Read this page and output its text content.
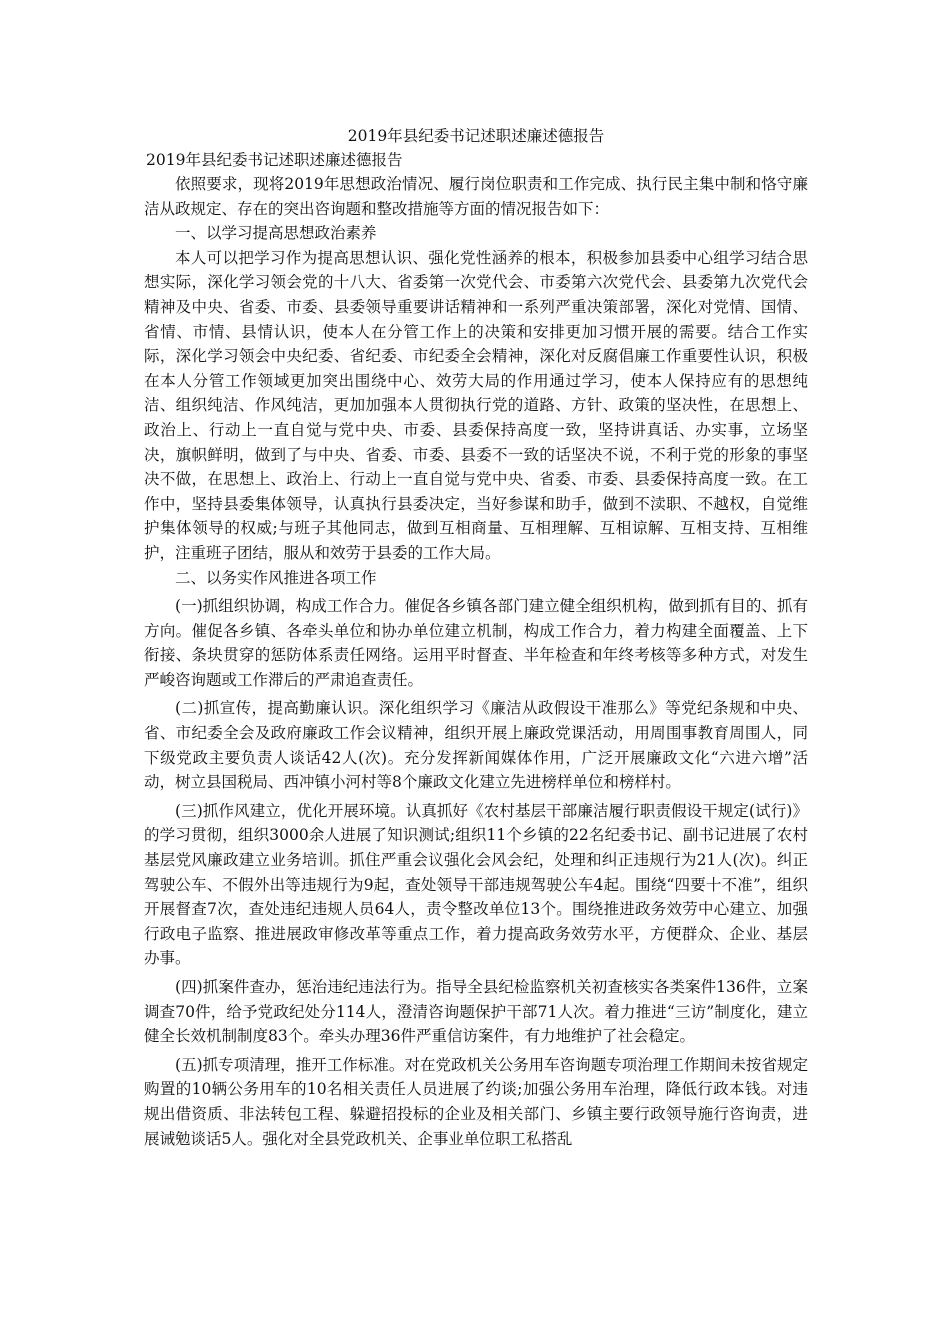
2019年县纪委书记述职述廉述德报告
2019年县纪委书记述职述廉述德报告

依照要求，现将2019年思想政治情况、履行岗位职责和工作完成、执行民主集中制和恪守廉洁从政规定、存在的突出咨询题和整改措施等方面的情况报告如下：

一、以学习提高思想政治素养

本人可以把学习作为提高思想认识、强化党性涵养的根本，积极参加县委中心组学习结合思想实际，深化学习领会党的十八大、省委第一次党代会、市委第六次党代会、县委第九次党代会精神及中央、省委、市委、县委领导重要讲话精神和一系列严重决策部署，深化对党情、国情、省情、市情、县情认识，使本人在分管工作上的决策和安排更加习惯开展的需要。结合工作实际，深化学习领会中央纪委、省纪委、市纪委全会精神，深化对反腐倡廉工作重要性认识，积极在本人分管工作领域更加突出围绕中心、效劳大局的作用通过学习，使本人保持应有的思想纯洁、组织纯洁、作风纯洁，更加加强本人贯彻执行党的道路、方针、政策的坚决性，在思想上、政治上、行动上一直自觉与党中央、市委、县委保持高度一致，坚持讲真话、办实事，立场坚决，旗帜鲜明，做到了与中央、省委、市委、县委不一致的话坚决不说，不利于党的形象的事坚决不做，在思想上、政治上、行动上一直自觉与党中央、省委、市委、县委保持高度一致。在工作中，坚持县委集体领导，认真执行县委决定，当好参谋和助手，做到不渎职、不越权，自觉维护集体领导的权威;与班子其他同志，做到互相商量、互相理解、互相谅解、互相支持、互相维护，注重班子团结，服从和效劳于县委的工作大局。

二、以务实作风推进各项工作

(一)抓组织协调，构成工作合力。催促各乡镇各部门建立健全组织机构，做到抓有目的、抓有方向。催促各乡镇、各牵头单位和协办单位建立机制，构成工作合力，着力构建全面覆盖、上下衔接、条块贯穿的惩防体系责任网络。运用平时督查、半年检查和年终考核等多种方式，对发生严峻咨询题或工作滞后的严肃追查责任。

(二)抓宣传，提高勤廉认识。深化组织学习《廉洁从政假设干准那么》等党纪条规和中央、省、市纪委全会及政府廉政工作会议精神，组织开展上廉政党课活动，用周围事教育周围人，同下级党政主要负责人谈话42人(次)。充分发挥新闻媒体作用，广泛开展廉政文化“六进六增”活动，树立县国税局、西冲镇小河村等8个廉政文化建立先进榜样单位和榜样村。

(三)抓作风建立，优化开展环境。认真抓好《农村基层干部廉洁履行职责假设干规定(试行)》的学习贯彻，组织3000余人进展了知识测试;组织11个乡镇的22名纪委书记、副书记进展了农村基层党风廉政建立业务培训。抓住严重会议强化会风会纪，处理和纠正违规行为21人(次)。纠正驾驶公车、不假外出等违规行为9起，查处领导干部违规驾驶公车4起。围绕“四要十不准”，组织开展督查7次，查处违纪违规人员64人，责令整改单位13个。围绕推进政务效劳中心建立、加强行政电子监察、推进展政审修改革等重点工作，着力提高政务效劳水平，方便群众、企业、基层办事。

(四)抓案件查办，惩治违纪违法行为。指导全县纪检监察机关初查核实各类案件136件，立案调查70件，给予党政纪处分114人，澄清咨询题保护干部71人次。着力推进“三访”制度化，建立健全长效机制制度83个。牵头办理36件严重信访案件，有力地维护了社会稳定。

(五)抓专项清理，推开工作标准。对在党政机关公务用车咨询题专项治理工作期间未按省规定购置的10辆公务用车的10名相关责任人员进展了约谈;加强公务用车治理，降低行政本钱。对违规出借资质、非法转包工程、躲避招投标的企业及相关部门、乡镇主要行政领导施行咨询责，进展诫勉谈话5人。强化对全县党政机关、企事业单位职工私搭乱
